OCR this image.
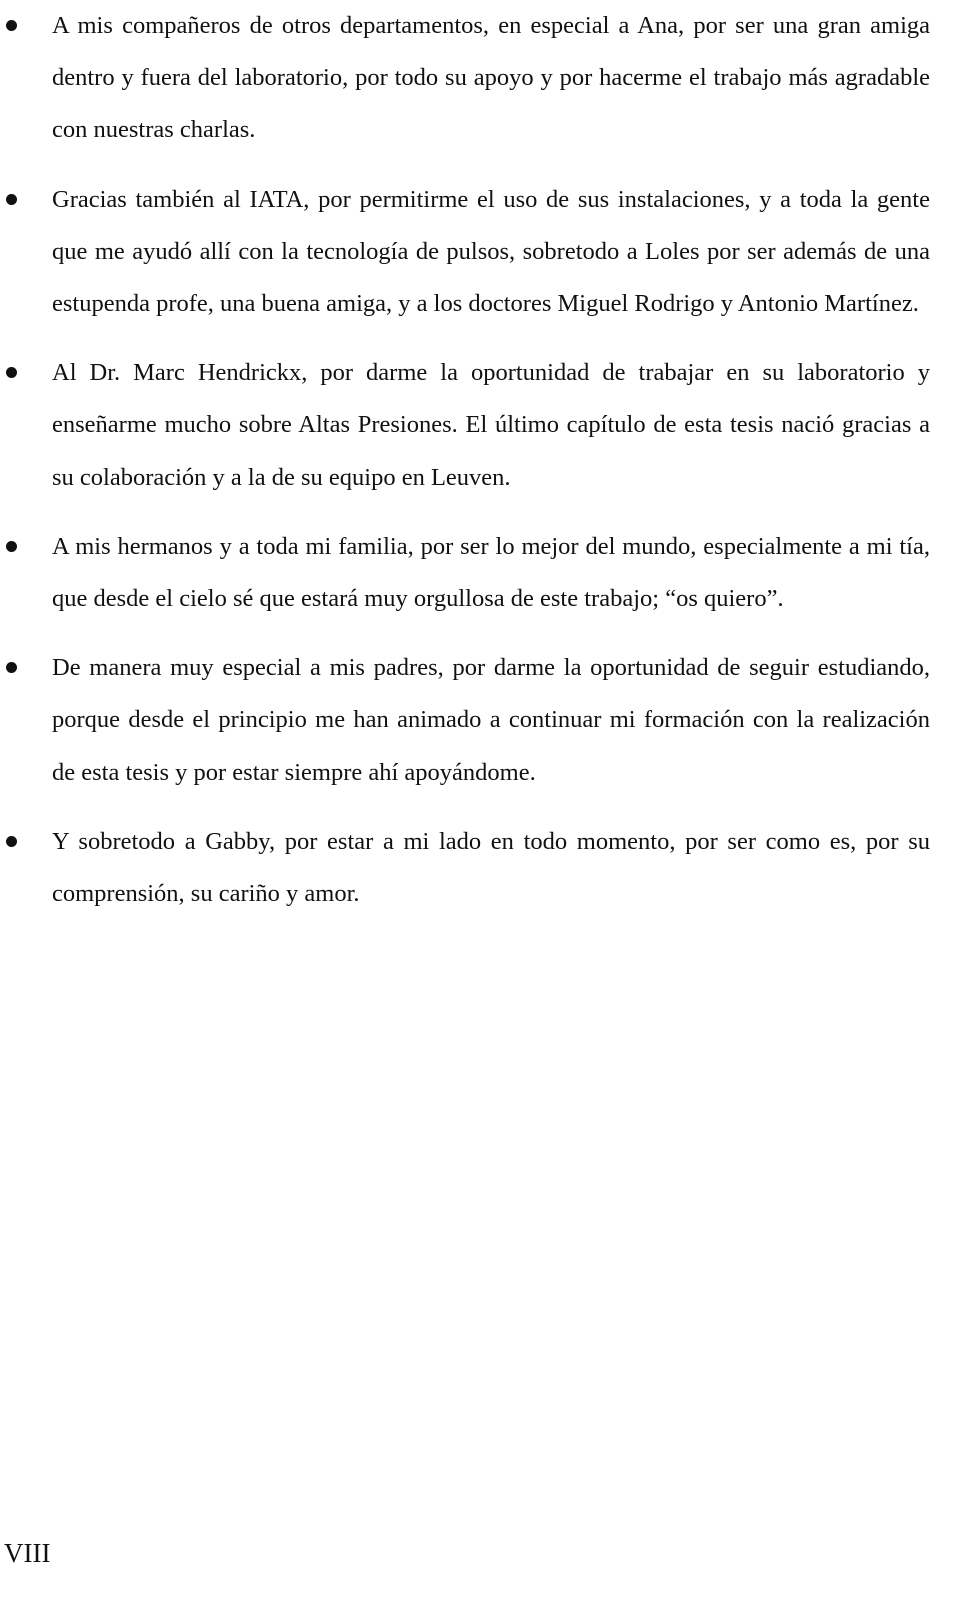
A mis compañeros de otros departamentos, en especial a Ana, por ser una gran amiga dentro y fuera del laboratorio, por todo su apoyo y por hacerme el trabajo más agradable con nuestras charlas.
Gracias también al IATA, por permitirme el uso de sus instalaciones, y a toda la gente que me ayudó allí con la tecnología de pulsos, sobretodo a Loles por ser además de una estupenda profe, una buena amiga, y a los doctores Miguel Rodrigo y Antonio Martínez.
Al Dr. Marc Hendrickx, por darme la oportunidad de trabajar en su laboratorio y enseñarme mucho sobre Altas Presiones. El último capítulo de esta tesis nació gracias a su colaboración y a la de su equipo en Leuven.
A mis hermanos y a toda mi familia, por ser lo mejor del mundo, especialmente a mi tía, que desde el cielo sé que estará muy orgullosa de este trabajo; “os quiero”.
De manera muy especial a mis padres, por darme la oportunidad de seguir estudiando, porque desde el principio me han animado a continuar mi formación con la realización de esta tesis y por estar siempre ahí apoyándome.
Y sobretodo a Gabby, por estar a mi lado en todo momento, por ser como es, por su comprensión, su cariño y amor.
VIII
